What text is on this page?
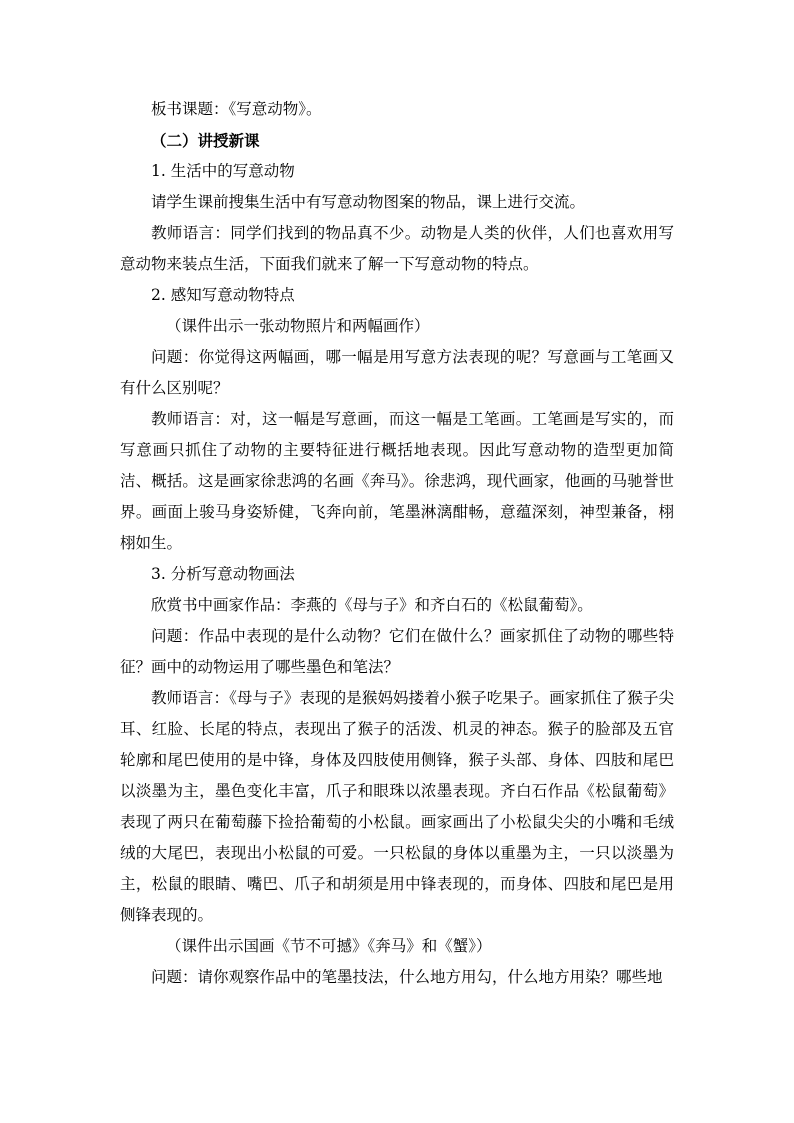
板书课题：《写意动物》。

（二）讲授新课

1. 生活中的写意动物

请学生课前搜集生活中有写意动物图案的物品，课上进行交流。

教师语言：同学们找到的物品真不少。动物是人类的伙伴，人们也喜欢用写意动物来装点生活，下面我们就来了解一下写意动物的特点。

2. 感知写意动物特点

（课件出示一张动物照片和两幅画作）

问题：你觉得这两幅画，哪一幅是用写意方法表现的呢？写意画与工笔画又有什么区别呢？

教师语言：对，这一幅是写意画，而这一幅是工笔画。工笔画是写实的，而写意画只抓住了动物的主要特征进行概括地表现。因此写意动物的造型更加简洁、概括。这是画家徐悲鸿的名画《奔马》。徐悲鸿，现代画家，他画的马驰誉世界。画面上骏马身姿矫健，飞奔向前，笔墨淋漓酣畅，意蕴深刻，神型兼备，栩栩如生。

3. 分析写意动物画法

欣赏书中画家作品：李燕的《母与子》和齐白石的《松鼠葡萄》。

问题：作品中表现的是什么动物？它们在做什么？画家抓住了动物的哪些特征？画中的动物运用了哪些墨色和笔法？

教师语言：《母与子》表现的是猴妈妈搂着小猴子吃果子。画家抓住了猴子尖耳、红脸、长尾的特点，表现出了猴子的活泼、机灵的神态。猴子的脸部及五官轮廓和尾巴使用的是中锋，身体及四肢使用侧锋，猴子头部、身体、四肢和尾巴以淡墨为主，墨色变化丰富，爪子和眼珠以浓墨表现。齐白石作品《松鼠葡萄》表现了两只在葡萄藤下捡拾葡萄的小松鼠。画家画出了小松鼠尖尖的小嘴和毛绒绒的大尾巴，表现出小松鼠的可爱。一只松鼠的身体以重墨为主，一只以淡墨为主，松鼠的眼睛、嘴巴、爪子和胡须是用中锋表现的，而身体、四肢和尾巴是用侧锋表现的。

（课件出示国画《节不可撼》《奔马》和《蟹》）

问题：请你观察作品中的笔墨技法，什么地方用勾，什么地方用染？哪些地
